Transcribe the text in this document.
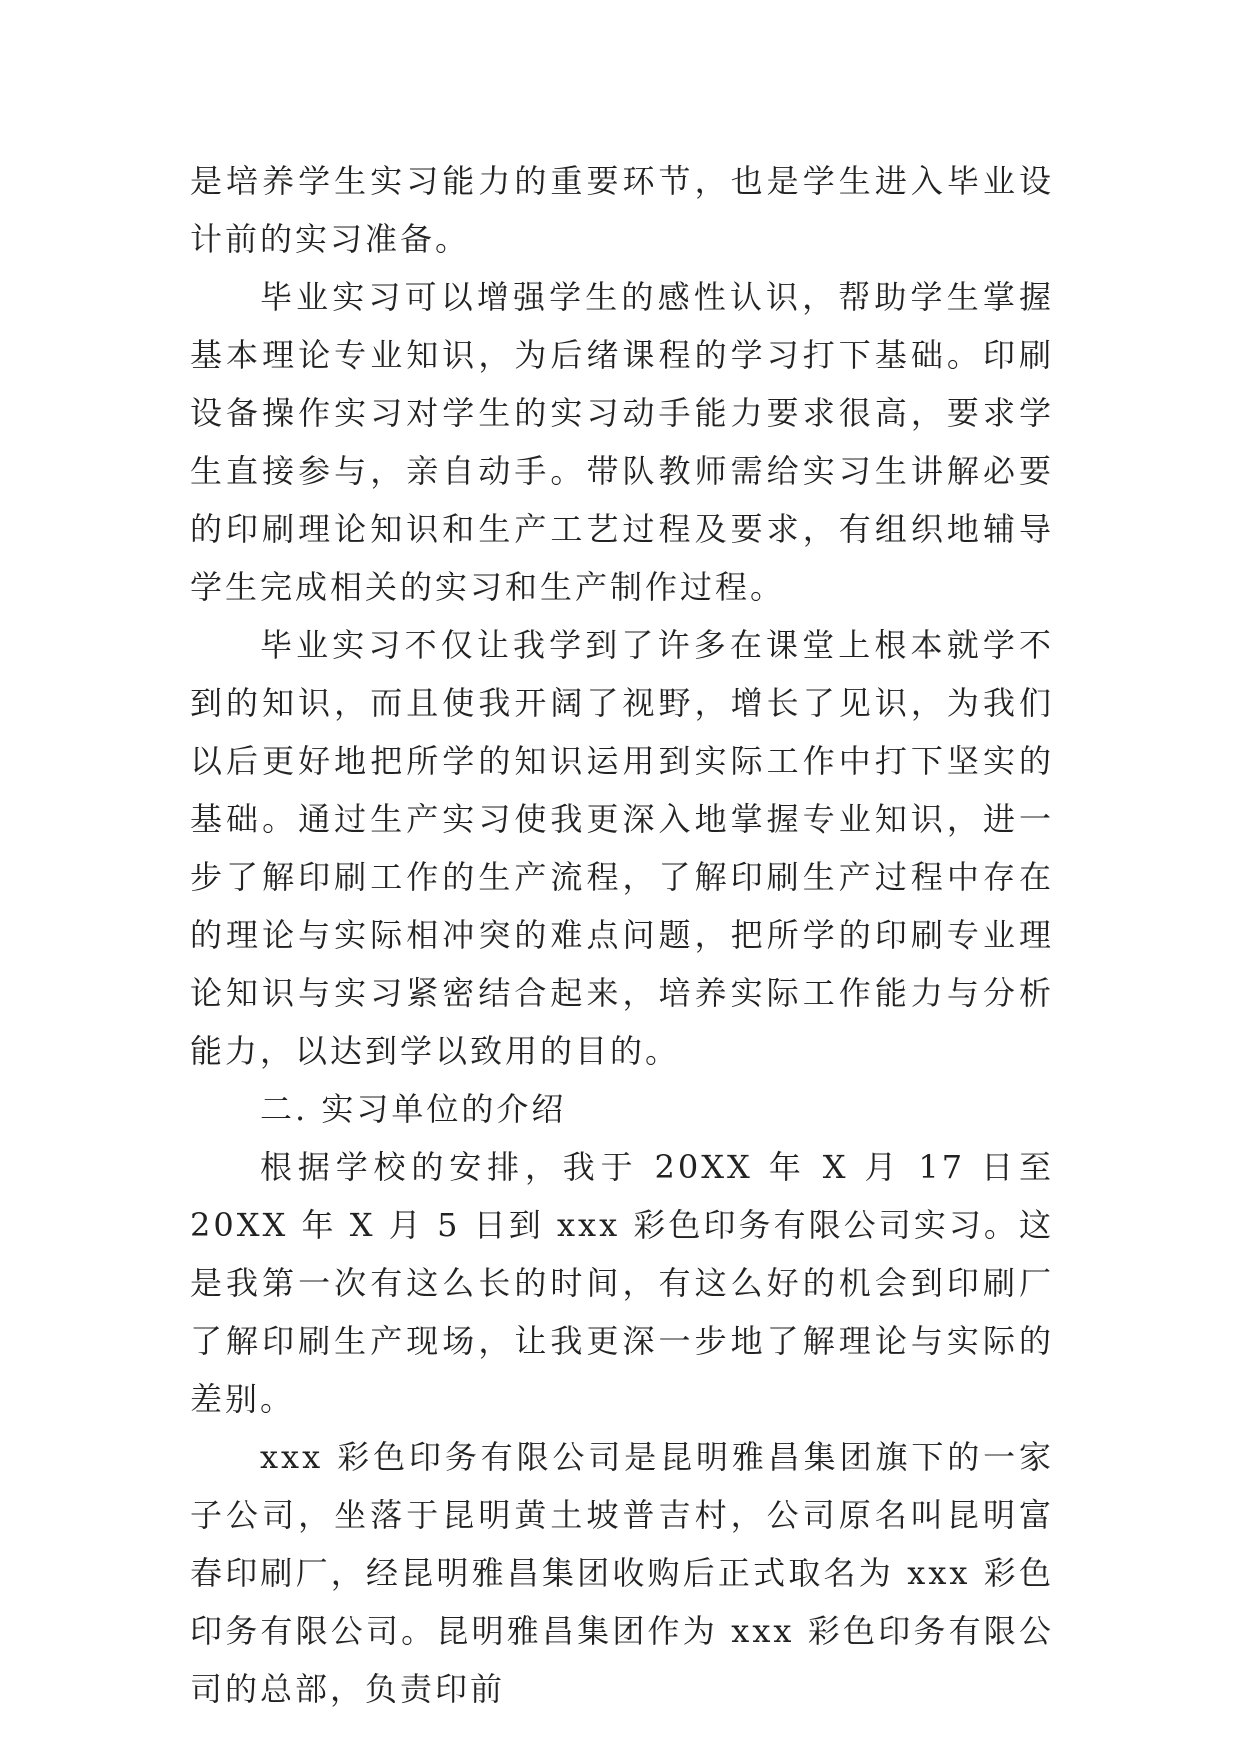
是培养学生实习能力的重要环节，也是学生进入毕业设计前的实习准备。

毕业实习可以增强学生的感性认识，帮助学生掌握基本理论专业知识，为后绪课程的学习打下基础。印刷设备操作实习对学生的实习动手能力要求很高，要求学生直接参与，亲自动手。带队教师需给实习生讲解必要的印刷理论知识和生产工艺过程及要求，有组织地辅导学生完成相关的实习和生产制作过程。

毕业实习不仅让我学到了许多在课堂上根本就学不到的知识，而且使我开阔了视野，增长了见识，为我们以后更好地把所学的知识运用到实际工作中打下坚实的基础。通过生产实习使我更深入地掌握专业知识，进一步了解印刷工作的生产流程，了解印刷生产过程中存在的理论与实际相冲突的难点问题，把所学的印刷专业理论知识与实习紧密结合起来，培养实际工作能力与分析能力，以达到学以致用的目的。

二. 实习单位的介绍

根据学校的安排，我于 20XX 年 X 月 17 日至 20XX 年 X 月 5 日到 xxx 彩色印务有限公司实习。这是我第一次有这么长的时间，有这么好的机会到印刷厂了解印刷生产现场，让我更深一步地了解理论与实际的差别。

xxx 彩色印务有限公司是昆明雅昌集团旗下的一家子公司，坐落于昆明黄土坡普吉村，公司原名叫昆明富春印刷厂，经昆明雅昌集团收购后正式取名为 xxx 彩色印务有限公司。昆明雅昌集团作为 xxx 彩色印务有限公司的总部，负责印前
